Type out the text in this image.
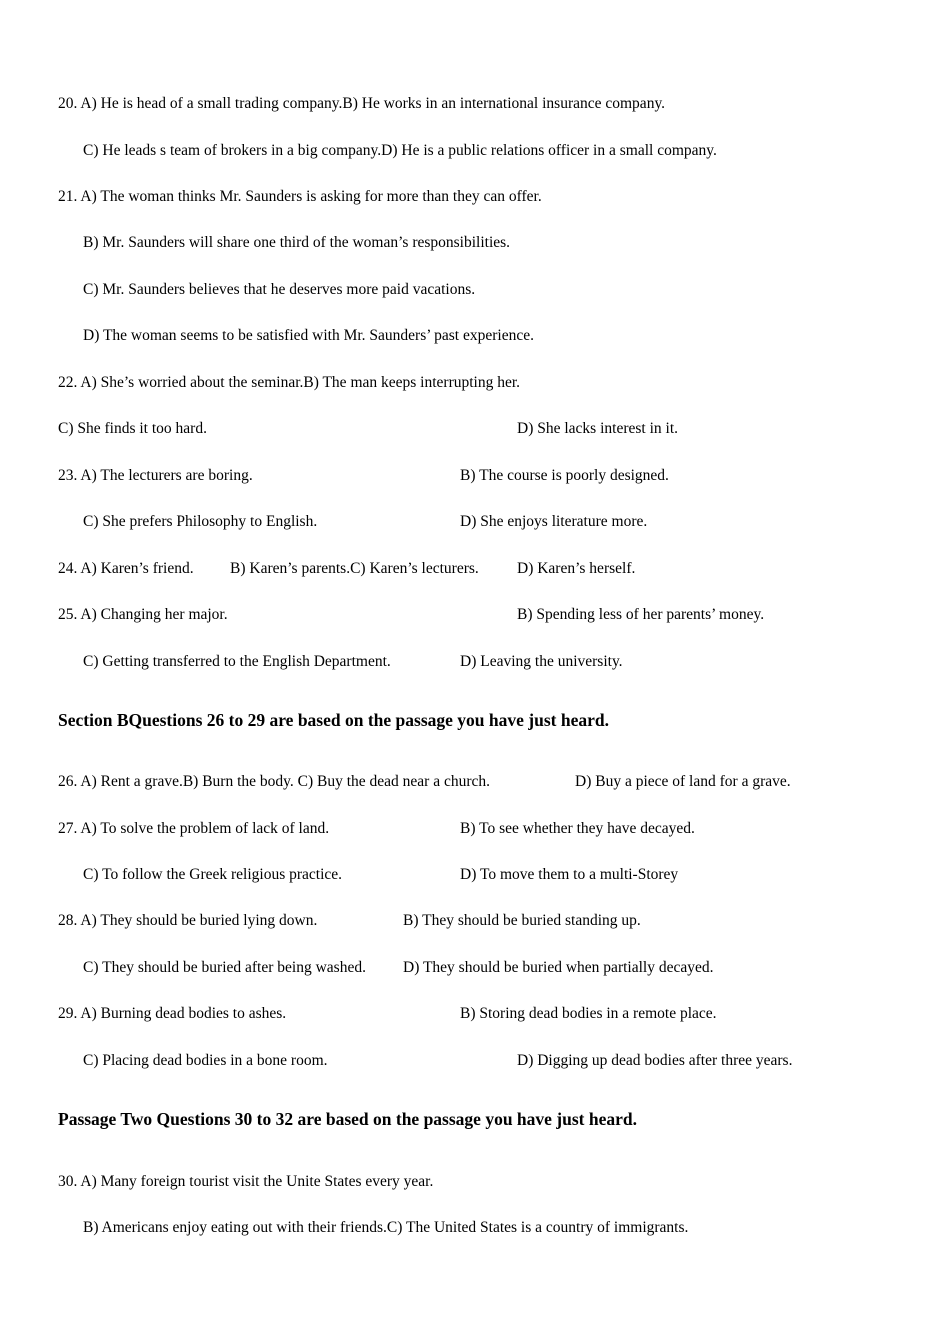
20. A) He is head of a small trading company.B) He works in an international insurance company.
C) He leads s team of brokers in a big company.D) He is a public relations officer in a small company.
21. A) The woman thinks Mr. Saunders is asking for more than they can offer.
B) Mr. Saunders will share one third of the woman’s responsibilities.
C) Mr. Saunders believes that he deserves more paid vacations.
D) The woman seems to be satisfied with Mr. Saunders’ past experience.
22. A) She’s worried about the seminar.B) The man keeps interrupting her.
C) She finds it too hard.	D) She lacks interest in it.
23. A) The lecturers are boring.	B) The course is poorly designed.
C) She prefers Philosophy to English.	D) She enjoys literature more.
24. A) Karen’s friend. B) Karen’s parents.C) Karen’s lecturers. D) Karen’s herself.
25. A) Changing her major.	B) Spending less of her parents’ money.
C) Getting transferred to the English Department.	D) Leaving the university.
Section BQuestions 26 to 29 are based on the passage you have just heard.
26. A) Rent a grave.B) Burn the body. C) Buy the dead near a church.	D) Buy a piece of land for a grave.
27. A) To solve the problem of lack of land.	B) To see whether they have decayed.
C) To follow the Greek religious practice.	D) To move them to a multi-Storey
28. A) They should be buried lying down.	B) They should be buried standing up.
C) They should be buried after being washed. D) They should be buried when partially decayed.
29. A) Burning dead bodies to ashes.	B) Storing dead bodies in a remote place.
C) Placing dead bodies in a bone room.	D) Digging up dead bodies after three years.
Passage Two Questions 30 to 32 are based on the passage you have just heard.
30. A) Many foreign tourist visit the Unite States every year.
B) Americans enjoy eating out with their friends.C) The United States is a country of immigrants.
